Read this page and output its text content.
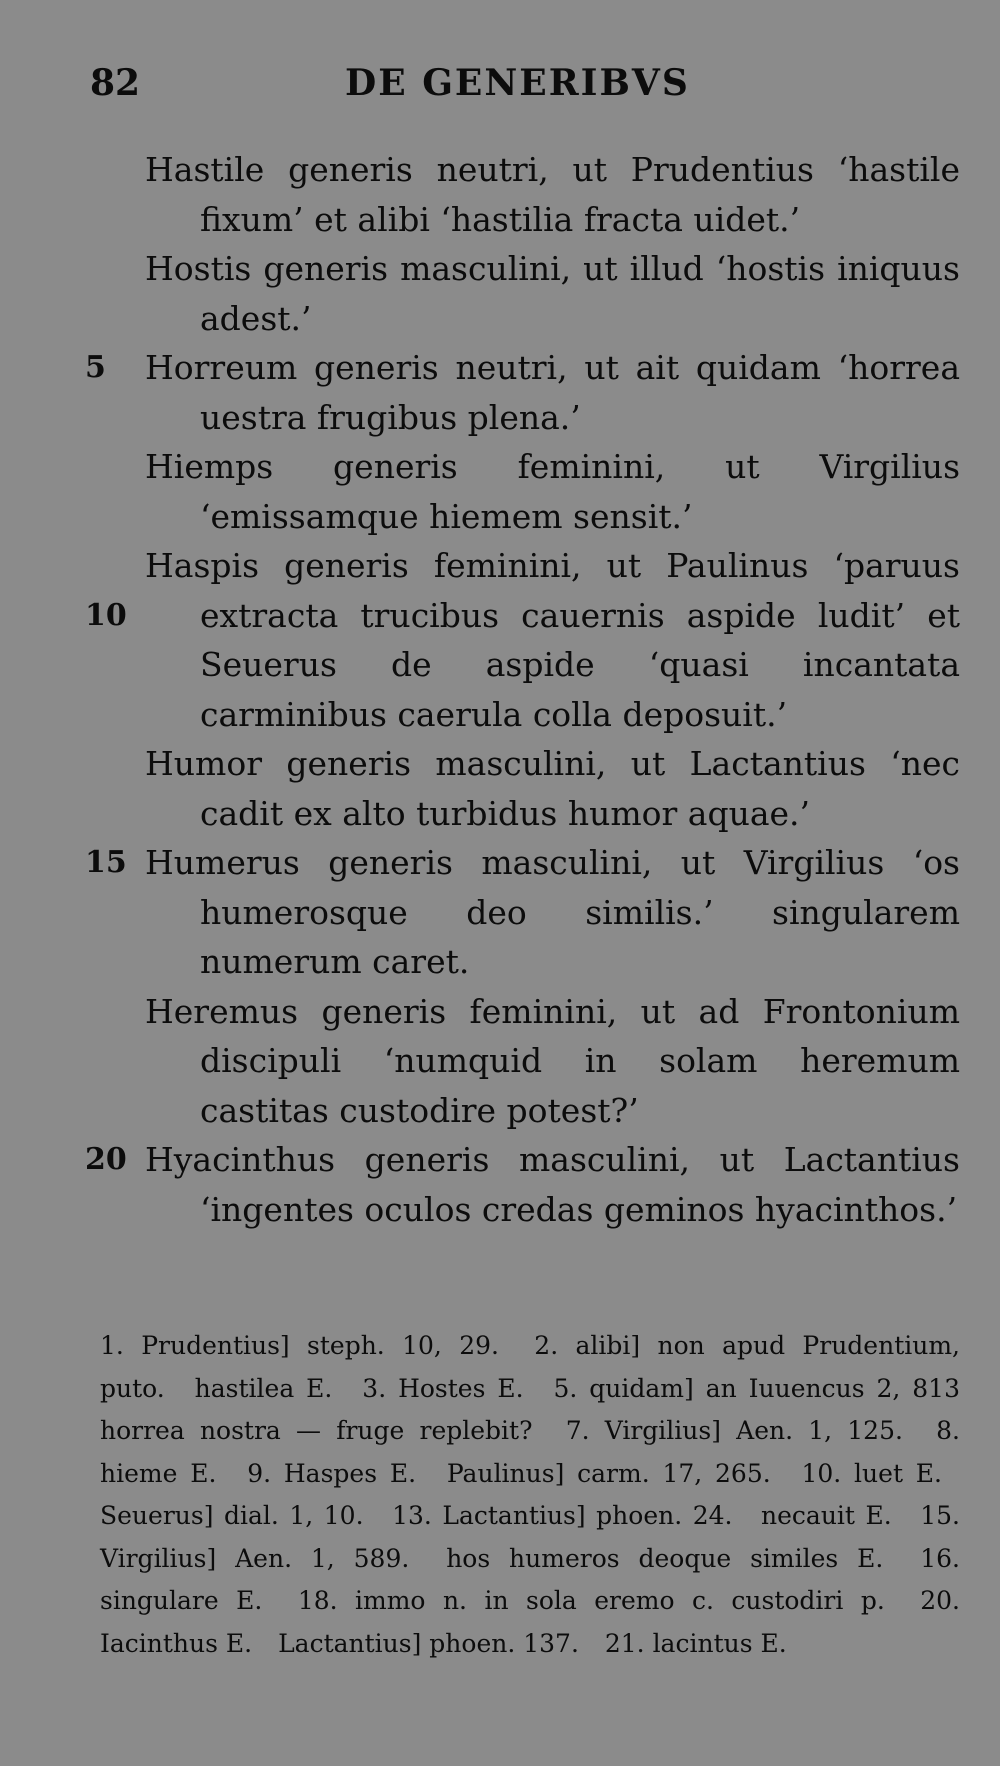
82	DE GENERIBVS
Hastile generis neutri, ut Prudentius ‘hastile fixum’ et alibi ‘hastilia fracta uidet.’
Hostis generis masculini, ut illud ‘hostis iniquus adest.’
5	Horreum generis neutri, ut ait quidam ‘horrea uestra frugibus plena.’
Hiemps generis feminini, ut Virgilius ‘emissamque hiemem sensit.’
10
Haspis generis feminini, ut Paulinus ‘paruus extracta trucibus cauernis aspide ludit’ et Seuerus de aspide ‘quasi incantata carminibus caerula colla deposuit.’
Humor generis masculini, ut Lactantius ‘nec cadit ex alto turbidus humor aquae.’
15 Humerus generis masculini, ut Virgilius ‘os humerosque deo similis.’ singularem numerum caret.
Heremus generis feminini, ut ad Frontonium discipuli ‘numquid in solam heremum castitas custodire potest?’
20 Hyacinthus generis masculini, ut Lactantius ‘ingentes oculos credas geminos hyacinthos.’
1. Prudentius] steph. 10, 29. 2. alibi] non apud Prudentium, puto. hastilea E. 3. Hostes E. 5. quidam] an Iuuencus 2, 813 horrea nostra — fruge replebit? 7. Virgilius] Aen. 1, 125. 8. hieme E. 9. Haspes E. Paulinus] carm. 17, 265. 10. luet E. Seuerus] dial. 1, 10. 13. Lactantius] phoen. 24. necauit E. 15. Virgilius] Aen. 1, 589. hos humeros deoque similes E. 16. singulare E. 18. immo n. in sola eremo c. custodiri p. 20. Iacinthus E. Lactantius] phoen. 137. 21. lacintus E.
